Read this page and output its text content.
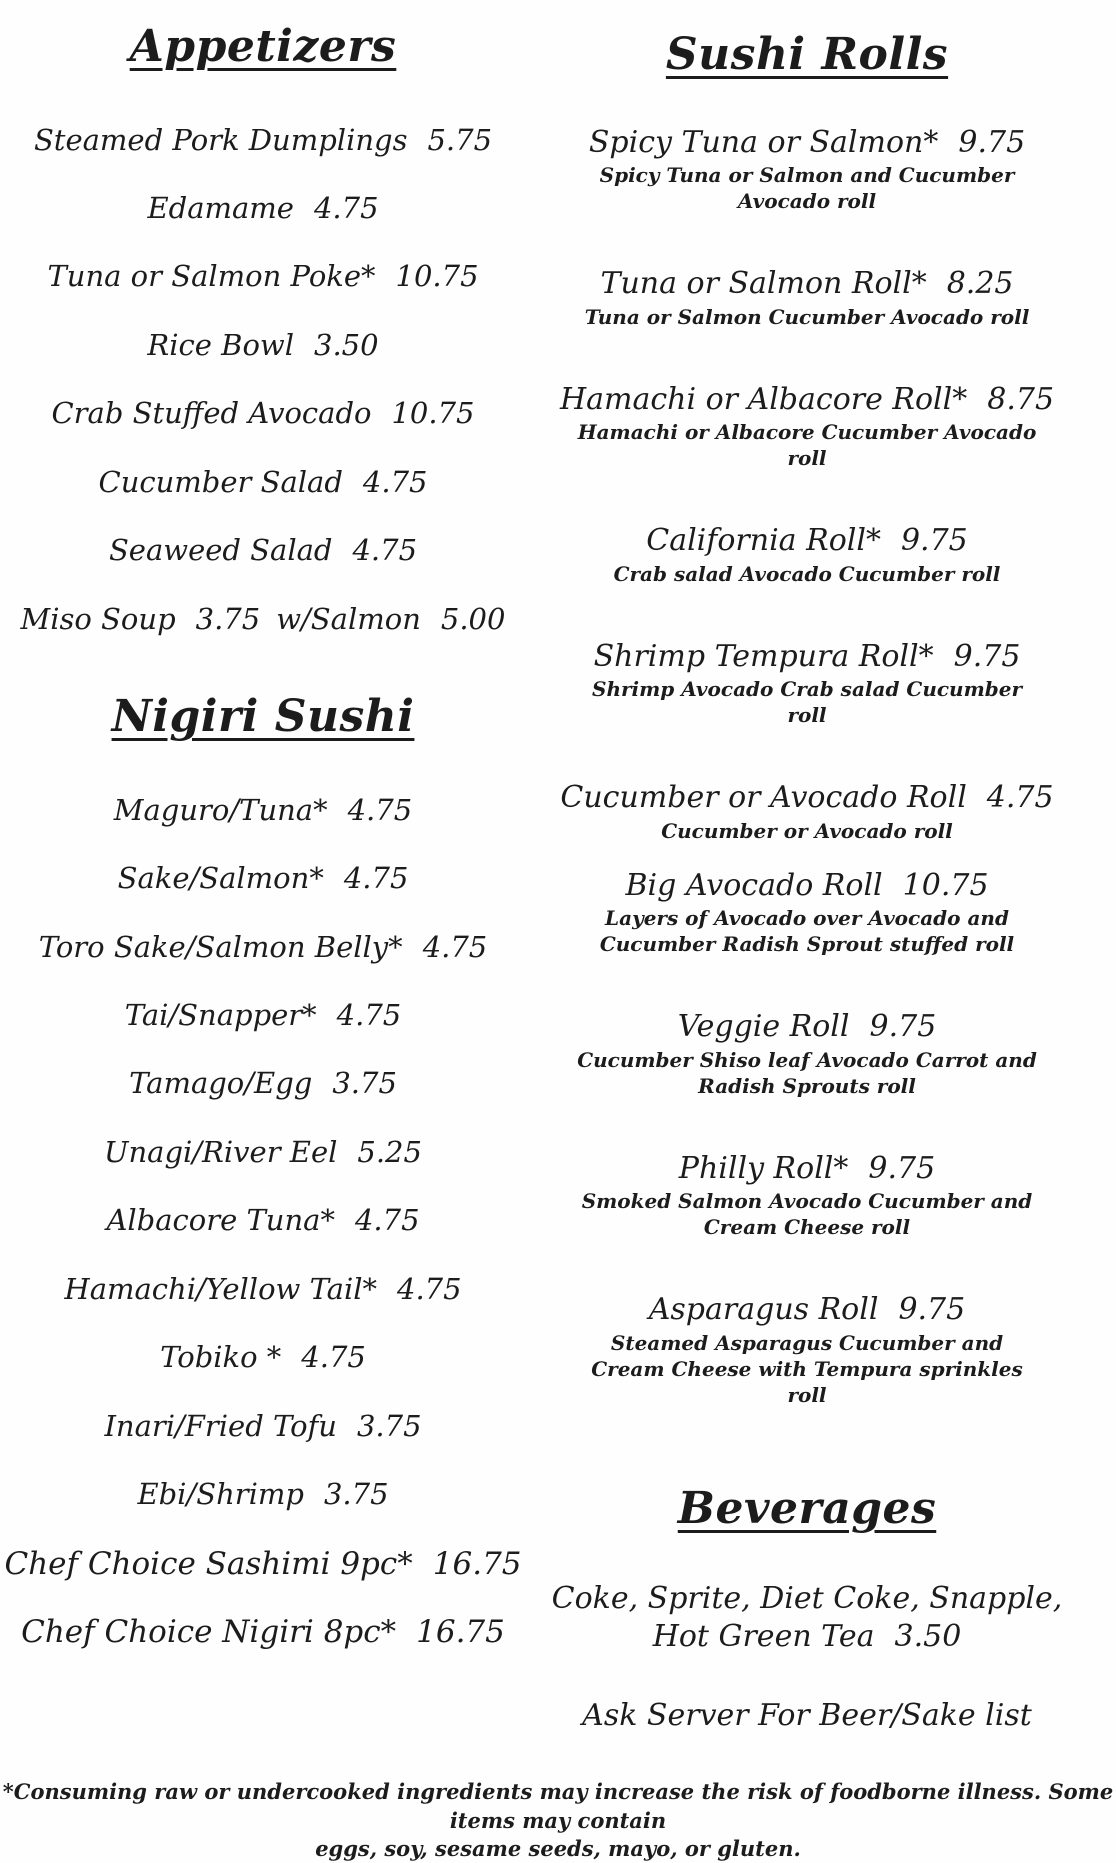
Appetizers
Steamed Pork Dumplings 5.75
Edamame 4.75
Tuna or Salmon Poke* 10.75
Rice Bowl 3.50
Crab Stuffed Avocado 10.75
Cucumber Salad 4.75
Seaweed Salad 4.75
Miso Soup 3.75 w/Salmon 5.00
Nigiri Sushi
Maguro/Tuna* 4.75
Sake/Salmon* 4.75
Toro Sake/Salmon Belly* 4.75
Tai/Snapper* 4.75
Tamago/Egg 3.75
Unagi/River Eel 5.25
Albacore Tuna* 4.75
Hamachi/Yellow Tail* 4.75
Tobiko * 4.75
Inari/Fried Tofu 3.75
Ebi/Shrimp 3.75
Chef Choice Sashimi 9pc* 16.75
Chef Choice Nigiri 8pc* 16.75
Sushi Rolls
Spicy Tuna or Salmon* 9.75
Spicy Tuna or Salmon and Cucumber Avocado roll
Tuna or Salmon Roll* 8.25
Tuna or Salmon Cucumber Avocado roll
Hamachi or Albacore Roll* 8.75
Hamachi or Albacore Cucumber Avocado roll
California Roll* 9.75
Crab salad Avocado Cucumber roll
Shrimp Tempura Roll* 9.75
Shrimp Avocado Crab salad Cucumber roll
Cucumber or Avocado Roll 4.75
Cucumber or Avocado roll
Big Avocado Roll 10.75
Layers of Avocado over Avocado and Cucumber Radish Sprout stuffed roll
Veggie Roll 9.75
Cucumber Shiso leaf Avocado Carrot and Radish Sprouts roll
Philly Roll* 9.75
Smoked Salmon Avocado Cucumber and Cream Cheese roll
Asparagus Roll 9.75
Steamed Asparagus Cucumber and Cream Cheese with Tempura sprinkles roll
Beverages
Coke, Sprite, Diet Coke, Snapple,
Hot Green Tea 3.50
Ask Server For Beer/Sake list
*Consuming raw or undercooked ingredients may increase the risk of foodborne illness. Some items may contain
eggs, soy, sesame seeds, mayo, or gluten.
